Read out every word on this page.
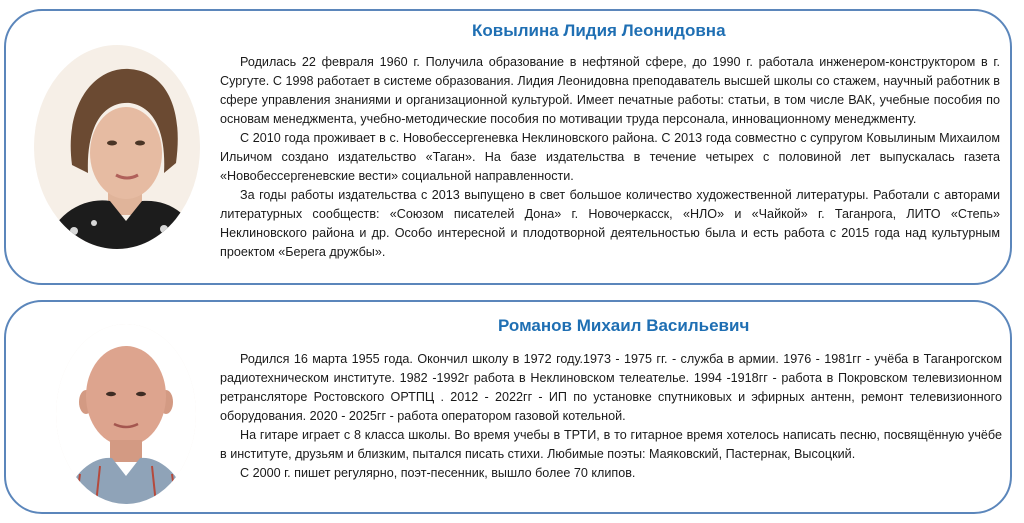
Ковылина Лидия Леонидовна

Родилась 22 февраля 1960 г. Получила образование в нефтяной сфере, до 1990 г. работала инженером-конструктором в г. Сургуте. С 1998 работает в системе образования. Лидия Леонидовна преподаватель высшей школы со стажем, научный работник в сфере управления знаниями и организационной культурой. Имеет печатные работы: статьи, в том числе ВАК, учебные пособия по основам менеджмента, учебно-методические пособия по мотивации труда персонала, инновационному менеджменту.

С 2010 года проживает в с. Новобессергеневка Неклиновского района. С 2013 года совместно с супругом Ковылиным Михаилом Ильичом создано издательство «Таган». На базе издательства в течение четырех с половиной лет выпускалась газета «Новобессергеневские вести» социальной направленности.

За годы работы издательства с 2013 выпущено в свет большое количество художественной литературы. Работали с авторами литературных сообществ: «Союзом писателей Дона» г. Новочеркасск, «НЛО» и «Чайкой» г. Таганрога, ЛИТО «Степь» Неклиновского района и др. Особо интересной и плодотворной деятельностью была и есть работа с 2015 года над культурным проектом «Берега дружбы».

Романов Михаил Васильевич

Родился 16 марта 1955 года. Окончил школу в 1972 году.1973 - 1975 гг. - служба в армии. 1976 - 1981гг - учёба в Таганрогском радиотехническом институте. 1982 -1992г работа в Неклиновском телеателье. 1994 -1918гг - работа в Покровском телевизионном ретрансляторе Ростовского ОРТПЦ . 2012 - 2022гг - ИП по установке спутниковых и эфирных антенн, ремонт телевизионного оборудования. 2020 - 2025гг - работа оператором газовой котельной.

На гитаре играет с 8 класса школы. Во время учебы в ТРТИ, в то гитарное время хотелось написать песню, посвящённую учёбе в институте, друзьям и близким, пытался писать стихи. Любимые поэты: Маяковский, Пастернак, Высоцкий.

С 2000 г. пишет регулярно, поэт-песенник, вышло более 70 клипов.
